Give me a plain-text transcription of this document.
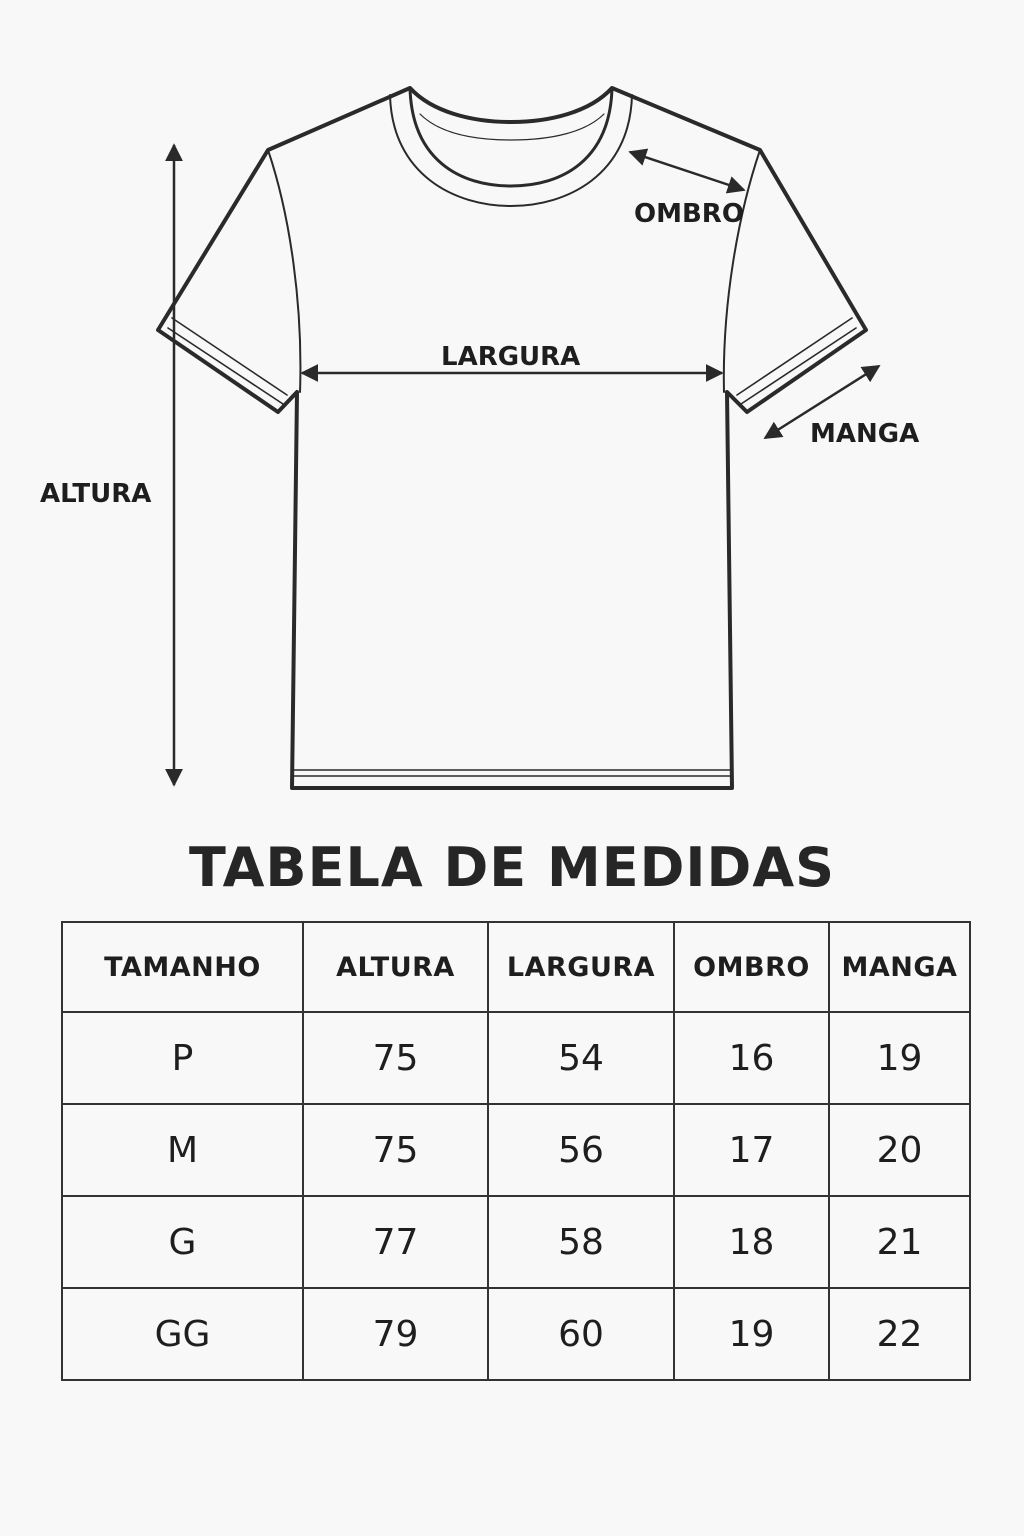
ALTURA
LARGURA
OMBRO
MANGA
TABELA DE MEDIDAS
TAMANHO	ALTURA	LARGURA	OMBRO	MANGA
P	75	54	16	19
M	75	56	17	20
G	77	58	18	21
GG	79	60	19	22
